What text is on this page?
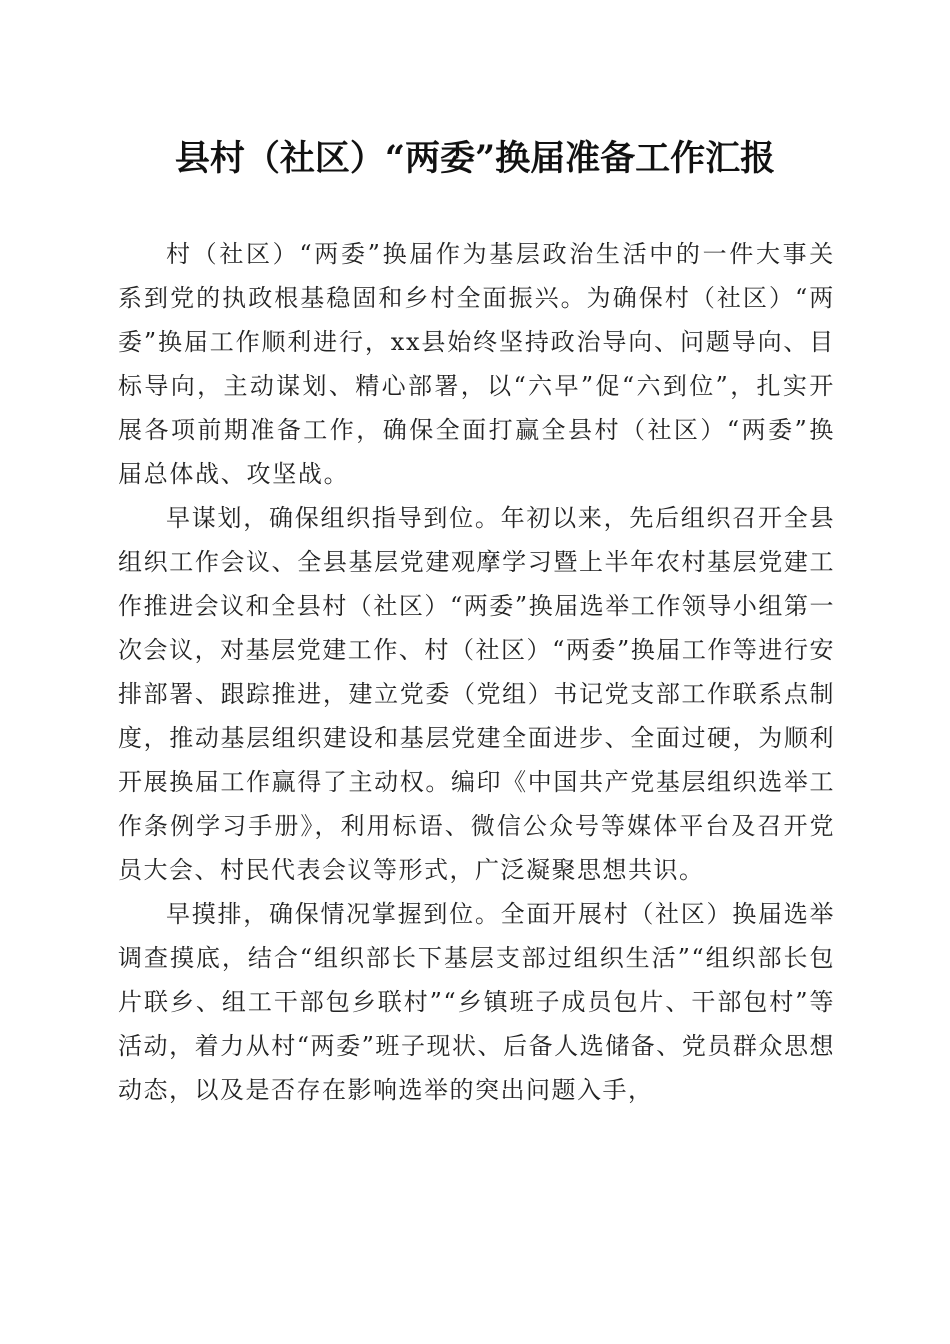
县村（社区）“两委”换届准备工作汇报

村（社区）“两委”换届作为基层政治生活中的一件大事关系到党的执政根基稳固和乡村全面振兴。为确保村（社区）“两委”换届工作顺利进行，xx县始终坚持政治导向、问题导向、目标导向，主动谋划、精心部署，以“六早”促“六到位”，扎实开展各项前期准备工作，确保全面打赢全县村（社区）“两委”换届总体战、攻坚战。

早谋划，确保组织指导到位。年初以来，先后组织召开全县组织工作会议、全县基层党建观摩学习暨上半年农村基层党建工作推进会议和全县村（社区）“两委”换届选举工作领导小组第一次会议，对基层党建工作、村（社区）“两委”换届工作等进行安排部署、跟踪推进，建立党委（党组）书记党支部工作联系点制度，推动基层组织建设和基层党建全面进步、全面过硬，为顺利开展换届工作赢得了主动权。编印《中国共产党基层组织选举工作条例学习手册》，利用标语、微信公众号等媒体平台及召开党员大会、村民代表会议等形式，广泛凝聚思想共识。

早摸排，确保情况掌握到位。全面开展村（社区）换届选举调查摸底，结合“组织部长下基层支部过组织生活”“组织部长包片联乡、组工干部包乡联村”“乡镇班子成员包片、干部包村”等活动，着力从村“两委”班子现状、后备人选储备、党员群众思想动态，以及是否存在影响选举的突出问题入手，
